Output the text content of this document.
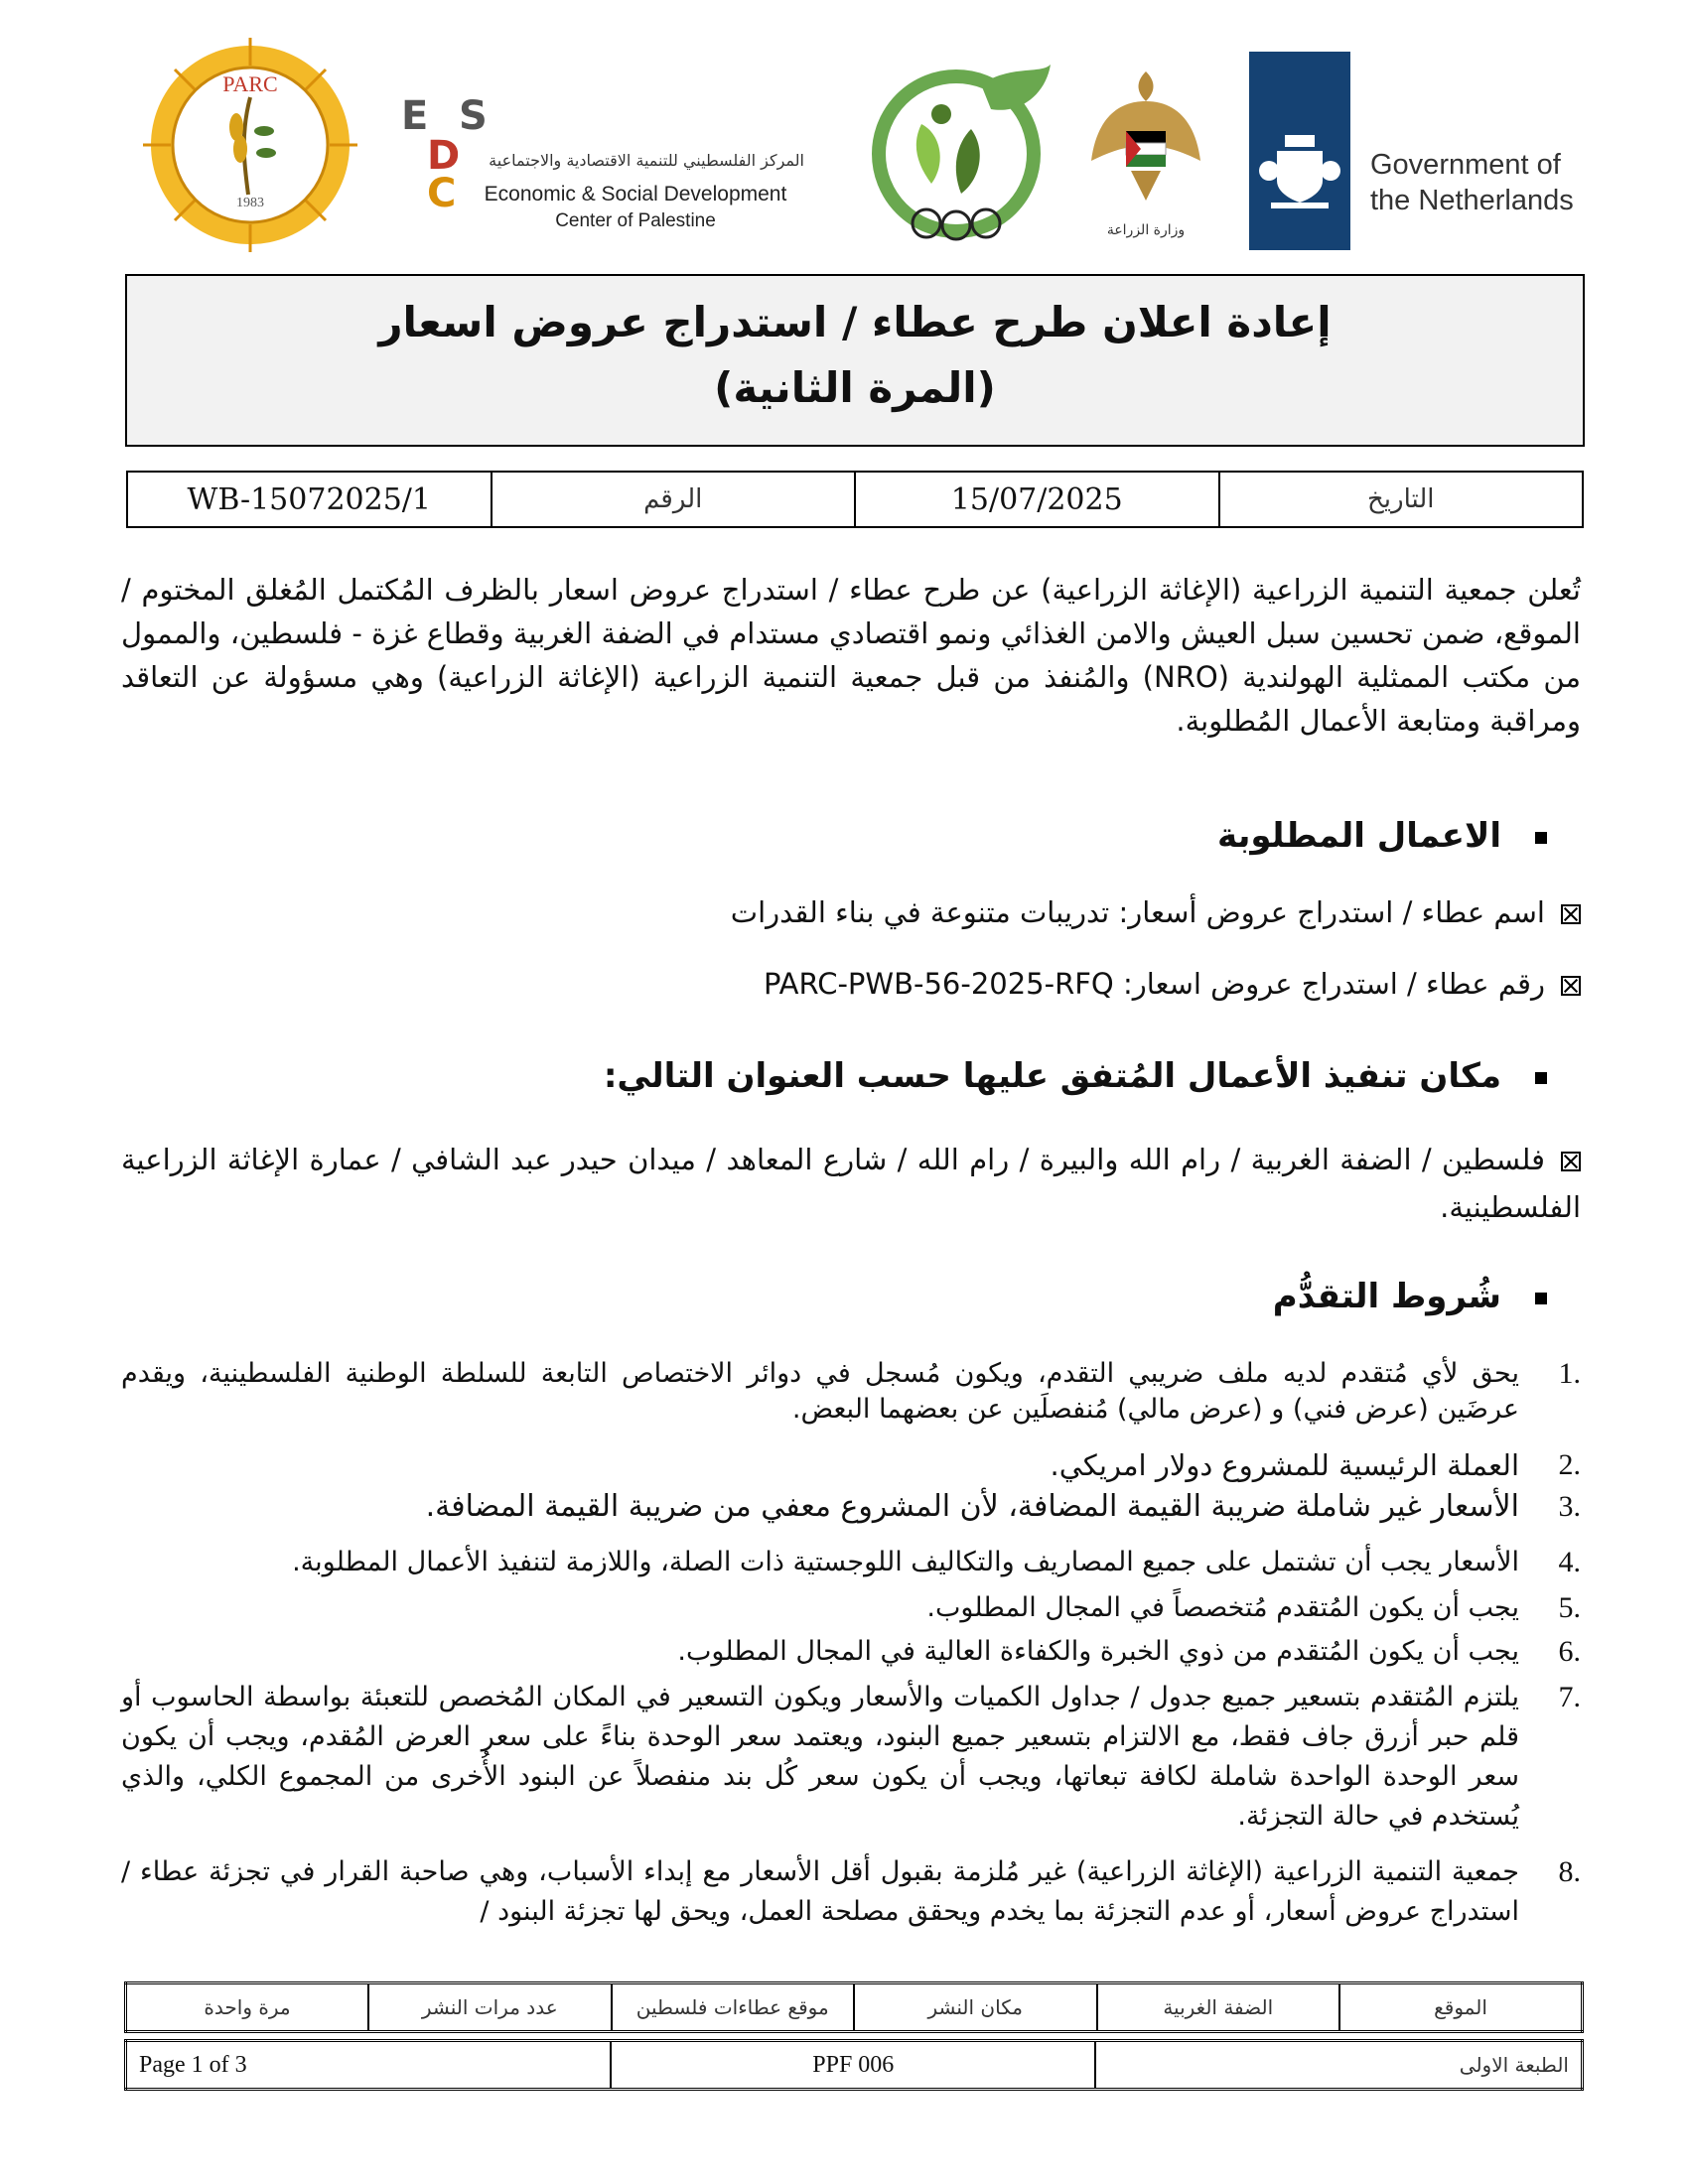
PARC
1983
E
D
S
C
المركز الفلسطيني للتنمية الاقتصادية والاجتماعية
Economic & Social Development
Center of Palestine	وزارة الزراعة
Government of
the Netherlands
إعادة اعلان طرح عطاء / استدراج عروض اسعار
(المرة الثانية)
WB-15072025/1	الرقم	15/07/2025	التاريخ
تُعلن جمعية التنمية الزراعية (الإغاثة الزراعية) عن طرح عطاء / استدراج عروض اسعار بالظرف المُكتمل المُغلق المختوم / الموقع، ضمن تحسين سبل العيش والامن الغذائي ونمو اقتصادي مستدام في الضفة الغربية وقطاع غزة - فلسطين، والممول من مكتب الممثلية الهولندية (NRO) والمُنفذ من قبل جمعية التنمية الزراعية (الإغاثة الزراعية) وهي مسؤولة عن التعاقد ومراقبة ومتابعة الأعمال المُطلوبة.
الاعمال المطلوبة
اسم عطاء / استدراج عروض أسعار: تدريبات متنوعة في بناء القدرات
رقم عطاء / استدراج عروض اسعار: PARC-PWB-56-2025-RFQ
مكان تنفيذ الأعمال المُتفق عليها حسب العنوان التالي:
فلسطين / الضفة الغربية / رام الله والبيرة / رام الله / شارع المعاهد / ميدان حيدر عبد الشافي / عمارة الإغاثة الزراعية الفلسطينية.
شُروط التقدُّم
1.
يحق لأي مُتقدم لديه ملف ضريبي التقدم، ويكون مُسجل في دوائر الاختصاص التابعة للسلطة الوطنية الفلسطينية، ويقدم عرضَين (عرض فني) و (عرض مالي) مُنفصلَين عن بعضهما البعض.
2.
العملة الرئيسية للمشروع دولار امريكي.
3.
الأسعار غير شاملة ضريبة القيمة المضافة، لأن المشروع معفي من ضريبة القيمة المضافة.
4.
الأسعار يجب أن تشتمل على جميع المصاريف والتكاليف اللوجستية ذات الصلة، واللازمة لتنفيذ الأعمال المطلوبة.
5.
يجب أن يكون المُتقدم مُتخصصاً في المجال المطلوب.
6.
يجب أن يكون المُتقدم من ذوي الخبرة والكفاءة العالية في المجال المطلوب.
7.
يلتزم المُتقدم بتسعير جميع جدول / جداول الكميات والأسعار ويكون التسعير في المكان المُخصص للتعبئة بواسطة الحاسوب أو قلم حبر أزرق جاف فقط، مع الالتزام بتسعير جميع البنود، ويعتمد سعر الوحدة بناءً على سعر العرض المُقدم، ويجب أن يكون سعر الوحدة الواحدة شاملة لكافة تبعاتها، ويجب أن يكون سعر كُل بند منفصلاً عن البنود الأُخرى من المجموع الكلي، والذي يُستخدم في حالة التجزئة.
8.
جمعية التنمية الزراعية (الإغاثة الزراعية) غير مُلزمة بقبول أقل الأسعار مع إبداء الأسباب، وهي صاحبة القرار في تجزئة عطاء / استدراج عروض أسعار، أو عدم التجزئة بما يخدم ويحقق مصلحة العمل، ويحق لها تجزئة البنود /
مرة واحدة	عدد مرات النشر	موقع عطاءات فلسطين	مكان النشر	الضفة الغربية	الموقع
Page 1 of 3	PPF 006	الطبعة الاولى
